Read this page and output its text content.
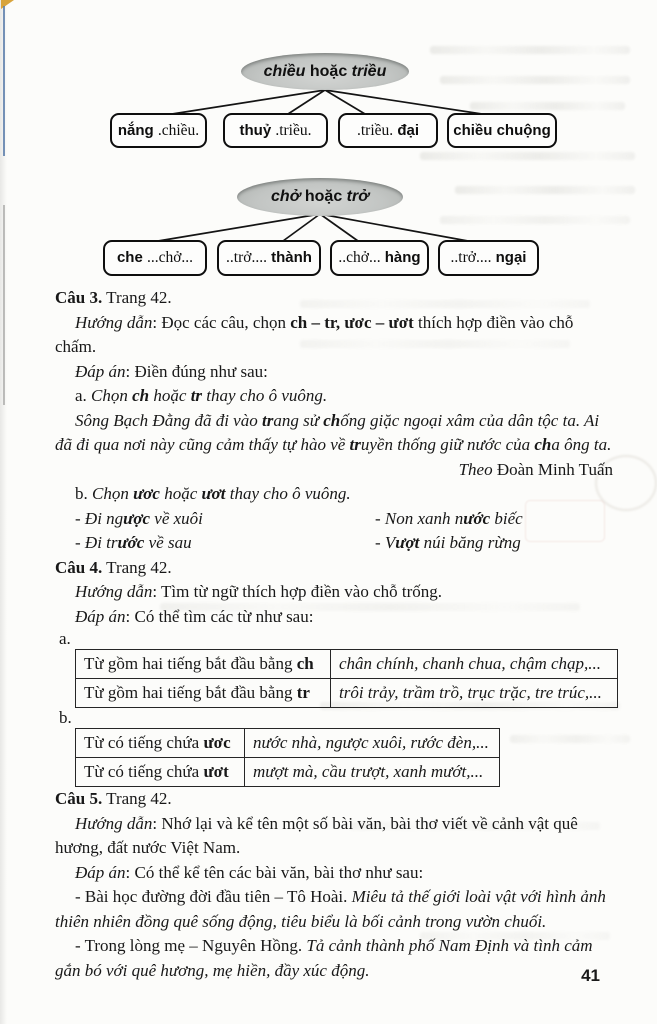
chiều hoặc triều
nắng .chiều.	thuỷ .triều.	.triều. đại chiều chuộng
chở hoặc trở
che ...chở... ..trở.... thành ..chở... hàng ..trở.... ngại

Câu 3. Trang 42.

Hướng dẫn: Đọc các câu, chọn ch – tr, ươc – ươt thích hợp điền vào chỗ chấm.

Đáp án: Điền đúng như sau:

a. Chọn ch hoặc tr thay cho ô vuông.

Sông Bạch Đằng đã đi vào trang sử chống giặc ngoại xâm của dân tộc ta. Ai đã đi qua nơi này cũng cảm thấy tự hào về truyền thống giữ nước của cha ông ta.

Theo Đoàn Minh Tuấn

b. Chọn ươc hoặc ươt thay cho ô vuông.

- Đi ngược về xuôi	- Non xanh nước biếc
- Đi trước về sau	- Vượt núi băng rừng

Câu 4. Trang 42.

Hướng dẫn: Tìm từ ngữ thích hợp điền vào chỗ trống.

Đáp án: Có thể tìm các từ như sau:

a.

Từ gồm hai tiếng bắt đầu bằng ch	chân chính, chanh chua, chậm chạp,...
Từ gồm hai tiếng bắt đầu bằng tr	trôi trảy, trầm trồ, trục trặc, tre trúc,...

b.

Từ có tiếng chứa ươc	nước nhà, ngược xuôi, rước đèn,...
Từ có tiếng chứa ươt	mượt mà, cầu trượt, xanh mướt,...

Câu 5. Trang 42.

Hướng dẫn: Nhớ lại và kể tên một số bài văn, bài thơ viết về cảnh vật quê hương, đất nước Việt Nam.

Đáp án: Có thể kể tên các bài văn, bài thơ như sau:

- Bài học đường đời đầu tiên – Tô Hoài. Miêu tả thế giới loài vật với hình ảnh thiên nhiên đồng quê sống động, tiêu biểu là bối cảnh trong vườn chuối.

- Trong lòng mẹ – Nguyên Hồng. Tả cảnh thành phố Nam Định và tình cảm gắn bó với quê hương, mẹ hiền, đầy xúc động.	41
